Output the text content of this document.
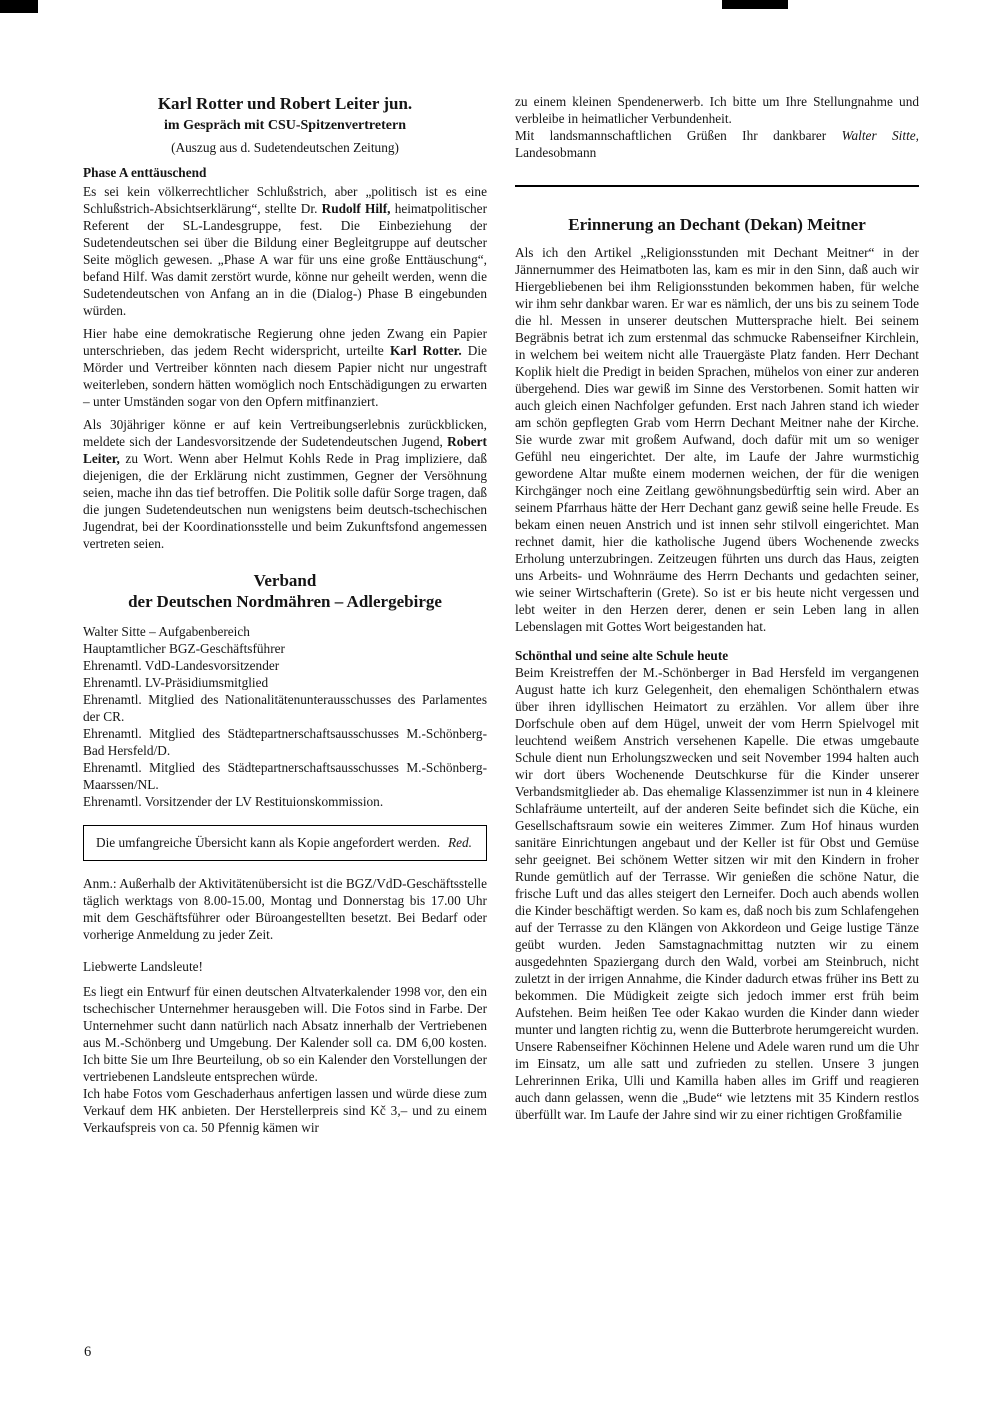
Karl Rotter und Robert Leiter jun.
im Gespräch mit CSU-Spitzenvertretern
(Auszug aus d. Sudetendeutschen Zeitung)
Phase A enttäuschend

Es sei kein völkerrechtlicher Schlußstrich, aber „politisch ist es eine Schlußstrich-Absichtserklärung“, stellte Dr. Rudolf Hilf, heimatpolitischer Referent der SL-Landesgruppe, fest. Die Einbeziehung der Sudetendeutschen sei über die Bildung einer Begleitgruppe auf deutscher Seite möglich gewesen. „Phase A war für uns eine große Enttäuschung“, befand Hilf. Was damit zerstört wurde, könne nur geheilt werden, wenn die Sudetendeutschen von Anfang an in die (Dialog-) Phase B eingebunden würden.

Hier habe eine demokratische Regierung ohne jeden Zwang ein Papier unterschrieben, das jedem Recht widerspricht, urteilte Karl Rotter. Die Mörder und Vertreiber könnten nach diesem Papier nicht nur ungestraft weiterleben, sondern hätten womöglich noch Entschädigungen zu erwarten – unter Umständen sogar von den Opfern mitfinanziert.

Als 30jähriger könne er auf kein Vertreibungserlebnis zurückblicken, meldete sich der Landesvorsitzende der Sudetendeutschen Jugend, Robert Leiter, zu Wort. Wenn aber Helmut Kohls Rede in Prag impliziere, daß diejenigen, die der Erklärung nicht zustimmen, Gegner der Versöhnung seien, mache ihn das tief betroffen. Die Politik solle dafür Sorge tragen, daß die jungen Sudetendeutschen nun wenigstens beim deutsch-tschechischen Jugendrat, bei der Koordinationsstelle und beim Zukunftsfond angemessen vertreten seien.

Verband
der Deutschen Nordmähren – Adlergebirge

Walter Sitte – Aufgabenbereich

Hauptamtlicher BGZ-Geschäftsführer

Ehrenamtl. VdD-Landesvorsitzender

Ehrenamtl. LV-Präsidiumsmitglied

Ehrenamtl. Mitglied des Nationalitätenunterausschusses des Parlamentes der CR.

Ehrenamtl. Mitglied des Städtepartnerschaftsausschusses M.-Schönberg-Bad Hersfeld/D.

Ehrenamtl. Mitglied des Städtepartnerschaftsausschusses M.-Schönberg-Maarssen/NL.

Ehrenamtl. Vorsitzender der LV Restituionskommission.

Die umfangreiche Übersicht kann als Kopie angefordert werden. Red.

Anm.: Außerhalb der Aktivitätenübersicht ist die BGZ/VdD-Geschäftsstelle täglich werktags von 8.00-15.00, Montag und Donnerstag bis 17.00 Uhr mit dem Geschäftsführer oder Büroangestellten besetzt. Bei Bedarf oder vorherige Anmeldung zu jeder Zeit.

Liebwerte Landsleute!

Es liegt ein Entwurf für einen deutschen Altvaterkalender 1998 vor, den ein tschechischer Unternehmer herausgeben will. Die Fotos sind in Farbe. Der Unternehmer sucht dann natürlich nach Absatz innerhalb der Vertriebenen aus M.-Schönberg und Umgebung. Der Kalender soll ca. DM 6,00 kosten. Ich bitte Sie um Ihre Beurteilung, ob so ein Kalender den Vorstellungen der vertriebenen Landsleute entsprechen würde.

Ich habe Fotos vom Geschaderhaus anfertigen lassen und würde diese zum Verkauf dem HK anbieten. Der Herstellerpreis sind Kč 3,– und zu einem Verkaufspreis von ca. 50 Pfennig kämen wir

zu einem kleinen Spendenerwerb. Ich bitte um Ihre Stellungnahme und verbleibe in heimatlicher Verbundenheit.

Mit landsmannschaftlichen Grüßen Ihr dankbarer Walter Sitte, Landesobmann

Erinnerung an Dechant (Dekan) Meitner

Als ich den Artikel „Religionsstunden mit Dechant Meitner“ in der Jännernummer des Heimatboten las, kam es mir in den Sinn, daß auch wir Hiergebliebenen bei ihm Religionsstunden bekommen haben, für welche wir ihm sehr dankbar waren. Er war es nämlich, der uns bis zu seinem Tode die hl. Messen in unserer deutschen Muttersprache hielt. Bei seinem Begräbnis betrat ich zum erstenmal das schmucke Rabenseifner Kirchlein, in welchem bei weitem nicht alle Trauergäste Platz fanden. Herr Dechant Koplik hielt die Predigt in beiden Sprachen, mühelos von einer zur anderen übergehend. Dies war gewiß im Sinne des Verstorbenen. Somit hatten wir auch gleich einen Nachfolger gefunden. Erst nach Jahren stand ich wieder am schön gepflegten Grab vom Herrn Dechant Meitner nahe der Kirche. Sie wurde zwar mit großem Aufwand, doch dafür mit um so weniger Gefühl neu eingerichtet. Der alte, im Laufe der Jahre wurmstichig gewordene Altar mußte einem modernen weichen, der für die wenigen Kirchgänger noch eine Zeitlang gewöhnungsbedürftig sein wird. Aber an seinem Pfarrhaus hätte der Herr Dechant ganz gewiß seine helle Freude. Es bekam einen neuen Anstrich und ist innen sehr stilvoll eingerichtet. Man rechnet damit, hier die katholische Jugend übers Wochenende zwecks Erholung unterzubringen. Zeitzeugen führten uns durch das Haus, zeigten uns Arbeits- und Wohnräume des Herrn Dechants und gedachten seiner, wie seiner Wirtschafterin (Grete). So ist er bis heute nicht vergessen und lebt weiter in den Herzen derer, denen er sein Leben lang in allen Lebenslagen mit Gottes Wort beigestanden hat.

Schönthal und seine alte Schule heute

Beim Kreistreffen der M.-Schönberger in Bad Hersfeld im vergangenen August hatte ich kurz Gelegenheit, den ehemaligen Schönthalern etwas über ihren idyllischen Heimatort zu erzählen. Vor allem über ihre Dorfschule oben auf dem Hügel, unweit der vom Herrn Spielvogel mit leuchtend weißem Anstrich versehenen Kapelle. Die etwas umgebaute Schule dient nun Erholungszwecken und seit November 1994 halten auch wir dort übers Wochenende Deutschkurse für die Kinder unserer Verbandsmitglieder ab. Das ehemalige Klassenzimmer ist nun in 4 kleinere Schlafräume unterteilt, auf der anderen Seite befindet sich die Küche, ein Gesellschaftsraum sowie ein weiteres Zimmer. Zum Hof hinaus wurden sanitäre Einrichtungen angebaut und der Keller ist für Obst und Gemüse sehr geeignet. Bei schönem Wetter sitzen wir mit den Kindern in froher Runde gemütlich auf der Terrasse. Wir genießen die schöne Natur, die frische Luft und das alles steigert den Lerneifer. Doch auch abends wollen die Kinder beschäftigt werden. So kam es, daß noch bis zum Schlafengehen auf der Terrasse zu den Klängen von Akkordeon und Geige lustige Tänze geübt wurden. Jeden Samstagnachmittag nutzten wir zu einem ausgedehnten Spaziergang durch den Wald, vorbei am Steinbruch, nicht zuletzt in der irrigen Annahme, die Kinder dadurch etwas früher ins Bett zu bekommen. Die Müdigkeit zeigte sich jedoch immer erst früh beim Aufstehen. Beim heißen Tee oder Kakao wurden die Kinder dann wieder munter und langten richtig zu, wenn die Butterbrote herumgereicht wurden. Unsere Rabenseifner Köchinnen Helene und Adele waren rund um die Uhr im Einsatz, um alle satt und zufrieden zu stellen. Unsere 3 jungen Lehrerinnen Erika, Ulli und Kamilla haben alles im Griff und reagieren auch dann gelassen, wenn die „Bude“ wie letztens mit 35 Kindern restlos überfüllt war. Im Laufe der Jahre sind wir zu einer richtigen Großfamilie

6
